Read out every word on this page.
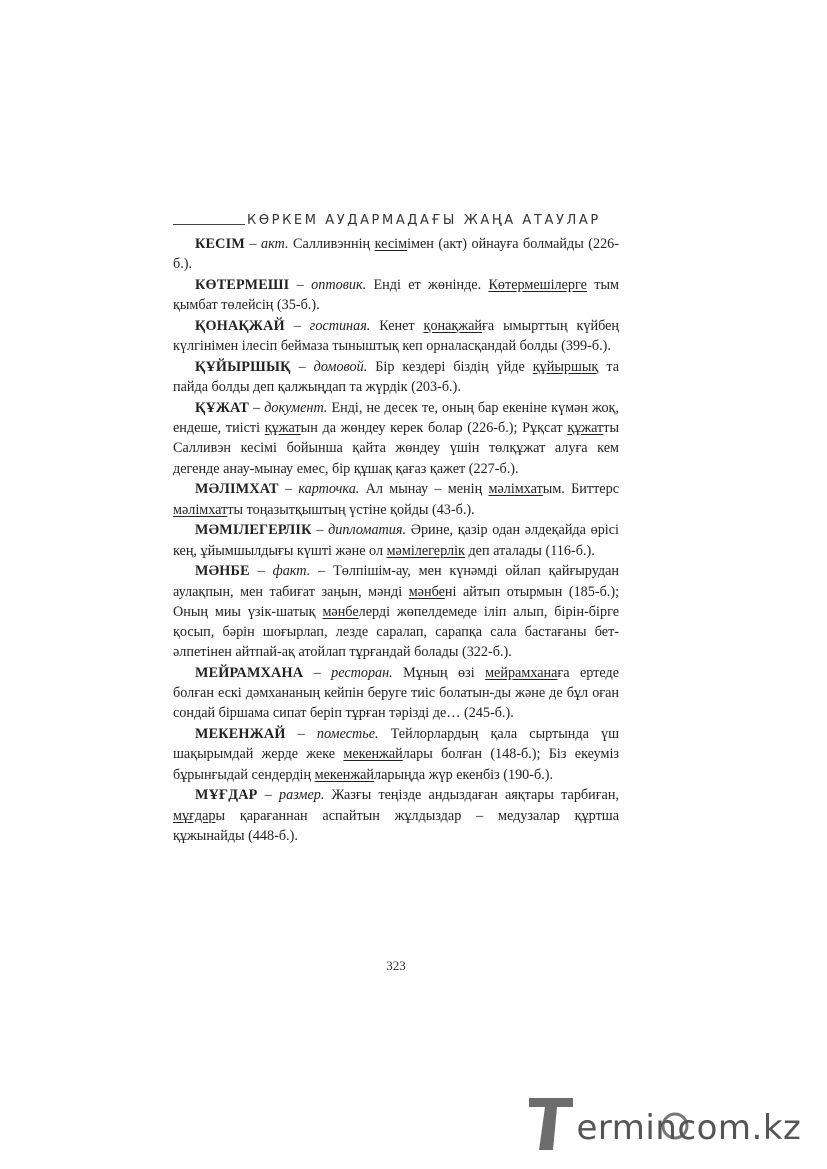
КӨРКЕМ АУДАРМАДАҒЫ ЖАҢА АТАУЛАР

КЕСІМ – акт. Салливэннің кесімімен (акт) ойнауға болмайды (226-б.).

КӨТЕРМЕШІ – оптовик. Енді ет жөнінде. Көтермешілерге тым қымбат төлейсің (35-б.).

ҚОНАҚЖАЙ – гостиная. Кенет қонақжайға ымырттың күйбең күлгінімен ілесіп беймаза тыныштық кеп орналасқандай болды (399-б.).

ҚҰЙЫРШЫҚ – домовой. Бір кездері біздің үйде құйыршық та пайда болды деп қалжыңдап та жүрдік (203-б.).

ҚҰЖАТ – документ. Енді, не десек те, оның бар екеніне күмән жоқ, ендеше, тиісті құжатын да жөндеу керек болар (226-б.); Рұқсат құжатты Салливэн кесімі бойынша қайта жөндеу үшін төлқұжат алуға кем дегенде анау-мынау емес, бір құшақ қағаз қажет (227-б.).

МӘЛІМХАТ – карточка. Ал мынау – менің мәлімхатым. Биттерс мәлімхатты тоңазытқыштың үстіне қойды (43-б.).

МӘМІЛЕГЕРЛІК – дипломатия. Әрине, қазір одан әлдеқайда өрісі кең, ұйымшылдығы күшті және ол мәмілегерлік деп аталады (116-б.).

МӘНБЕ – факт. – Төлпішім-ау, мен күнәмді ойлап қайғырудан аулақпын, мен табиғат заңын, мәнді мәнбені айтып отырмын (185-б.); Оның миы үзік-шатық мәнбелерді жөпелдемеде іліп алып, бірін-бірге қосып, бәрін шоғырлап, лезде саралап, сарапқа сала бастағаны бет-әлпетінен айтпай-ақ атойлап тұрғандай болады (322-б.).

МЕЙРАМХАНА – ресторан. Мұның өзі мейрамханаға ертеде болған ескі дәмхананың кейпін беруге тиіс болатын-ды және де бұл оған сондай біршама сипат беріп тұрған тәрізді де… (245-б.).

МЕКЕНЖАЙ – поместье. Тейлорлардың қала сыртында үш шақырымдай жерде жеке мекенжайлары болған (148-б.); Біз екеуміз бұрынғыдай сендердің мекенжайларыңда жүр екенбіз (190-б.).

МҰҒДАР – размер. Жазғы теңізде андыздаған аяқтары тарбиған, мұғдары қарағаннан аспайтын жұлдыздар – медузалар құртша құжынайды (448-б.).

323
ermincom.kz
